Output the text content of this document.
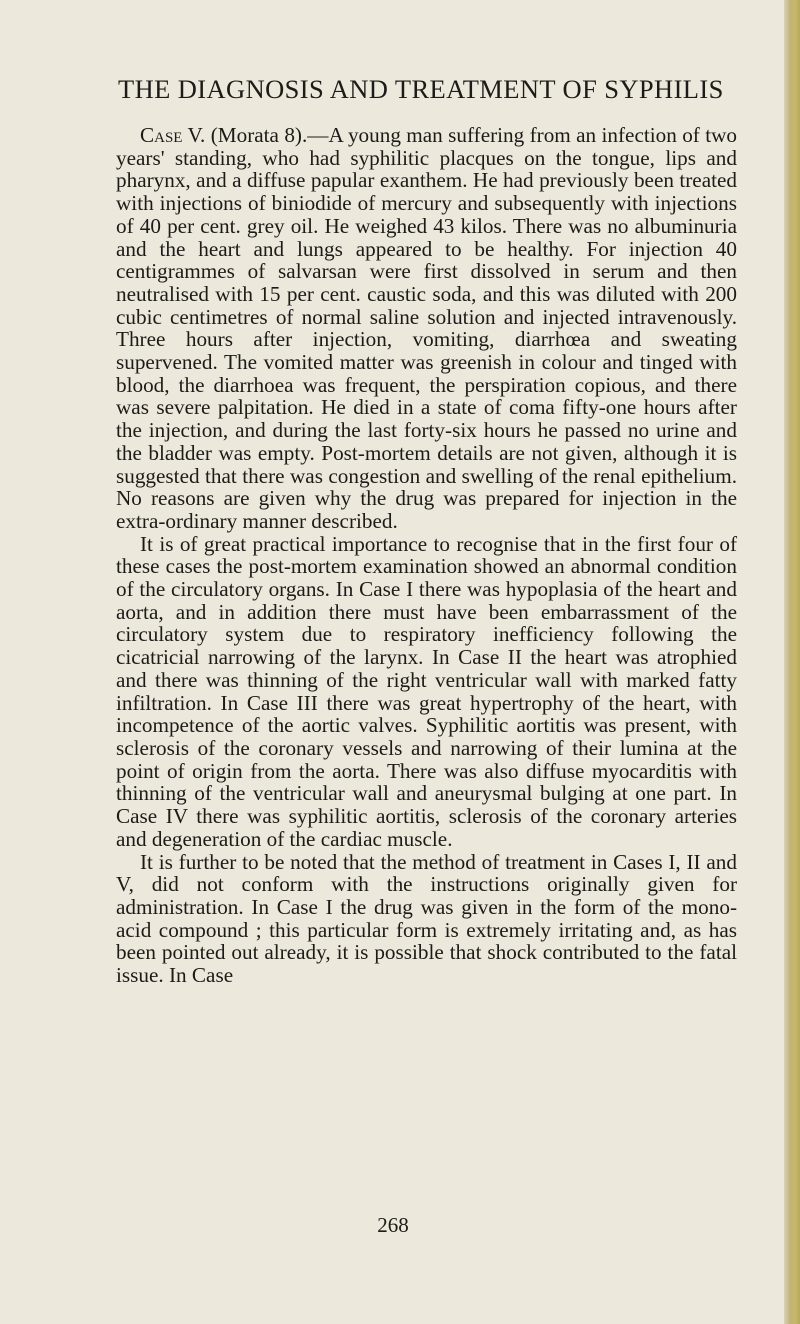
THE DIAGNOSIS AND TREATMENT OF SYPHILIS

Case V. (Morata 8).—A young man suffering from an infection of two years' standing, who had syphilitic placques on the tongue, lips and pharynx, and a diffuse papular exanthem. He had previously been treated with injections of biniodide of mercury and subsequently with injections of 40 per cent. grey oil. He weighed 43 kilos. There was no albuminuria and the heart and lungs appeared to be healthy. For injection 40 centigrammes of salvarsan were first dissolved in serum and then neutralised with 15 per cent. caustic soda, and this was diluted with 200 cubic centimetres of normal saline solution and injected intravenously. Three hours after injection, vomiting, diarrhœa and sweating supervened. The vomited matter was greenish in colour and tinged with blood, the diarrhoea was frequent, the perspiration copious, and there was severe palpitation. He died in a state of coma fifty-one hours after the injection, and during the last forty-six hours he passed no urine and the bladder was empty. Post-mortem details are not given, although it is suggested that there was congestion and swelling of the renal epithelium. No reasons are given why the drug was prepared for injection in the extra-ordinary manner described.

It is of great practical importance to recognise that in the first four of these cases the post-mortem examination showed an abnormal condition of the circulatory organs. In Case I there was hypoplasia of the heart and aorta, and in addition there must have been embarrassment of the circulatory system due to respiratory inefficiency following the cicatricial narrowing of the larynx. In Case II the heart was atrophied and there was thinning of the right ventricular wall with marked fatty infiltration. In Case III there was great hypertrophy of the heart, with incompetence of the aortic valves. Syphilitic aortitis was present, with sclerosis of the coronary vessels and narrowing of their lumina at the point of origin from the aorta. There was also diffuse myocarditis with thinning of the ventricular wall and aneurysmal bulging at one part. In Case IV there was syphilitic aortitis, sclerosis of the coronary arteries and degeneration of the cardiac muscle.

It is further to be noted that the method of treatment in Cases I, II and V, did not conform with the instructions originally given for administration. In Case I the drug was given in the form of the mono-acid compound ; this particular form is extremely irritating and, as has been pointed out already, it is possible that shock contributed to the fatal issue. In Case

268
